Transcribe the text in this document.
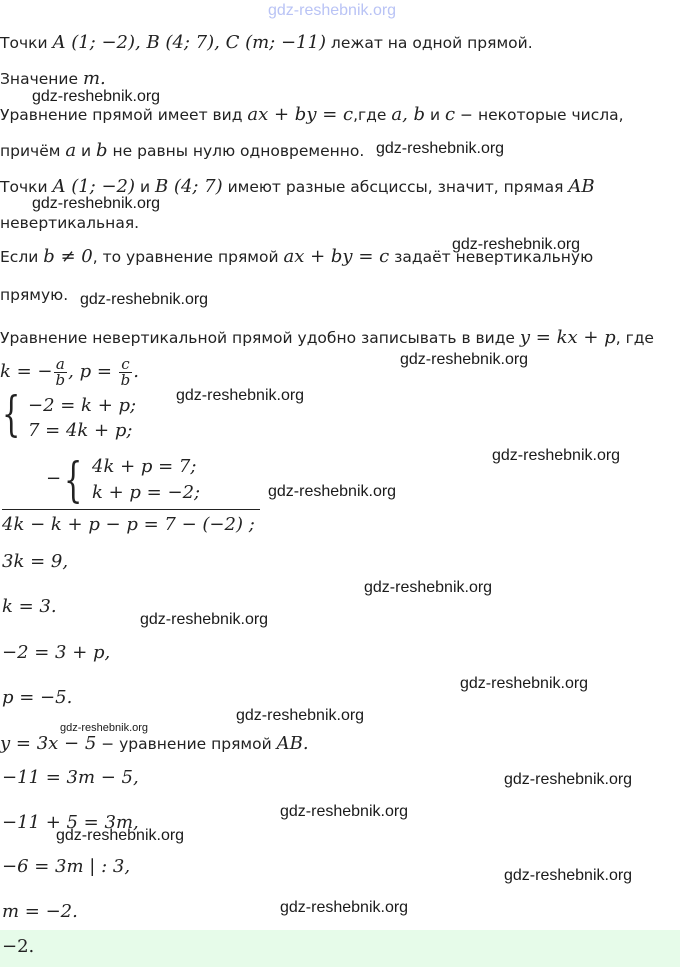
gdz-reshebnik.org
Точки A (1; −2), B (4; 7), C (m; −11) лежат на одной прямой.
Значение m.
gdz-reshebnik.org
Уравнение прямой имеет вид ax + by = c,где a, b и c − некоторые числа,
причём a и b не равны нулю одновременно. gdz-reshebnik.org
Точки A (1; −2) и B (4; 7) имеют разные абсциссы, значит, прямая AB
gdz-reshebnik.org
невертикальная.
gdz-reshebnik.org
Если b ≠ 0, то уравнение прямой ax + by = c задаёт невертикальную
прямую. gdz-reshebnik.org
Уравнение невертикальной прямой удобно записывать в виде y = kx + p, где
k = − $\frac{a}{b}$ , $p = \frac{c}{b}$ .
gdz-reshebnik.org
{ −2 = k + p;
7 = 4k + p;
gdz-reshebnik.org
gdz-reshebnik.org
− { 4k + p = 7;
k + p = −2;	gdz-reshebnik.org
4k − k + p − p = 7 − (−2) ;
3k = 9,
gdz-reshebnik.org
k = 3.
gdz-reshebnik.org
−2 = 3 + p,
gdz-reshebnik.org
p = −5.
gdz-reshebnik.org
gdz-reshebnik.org
y = 3x − 5 − уравнение прямой AB.
−11 = 3m − 5,	gdz-reshebnik.org
gdz-reshebnik.org
−11 + 5 = 3m,
gdz-reshebnik.org
−6 = 3m | : 3,	gdz-reshebnik.org
gdz-reshebnik.org
m = −2.
−2.
